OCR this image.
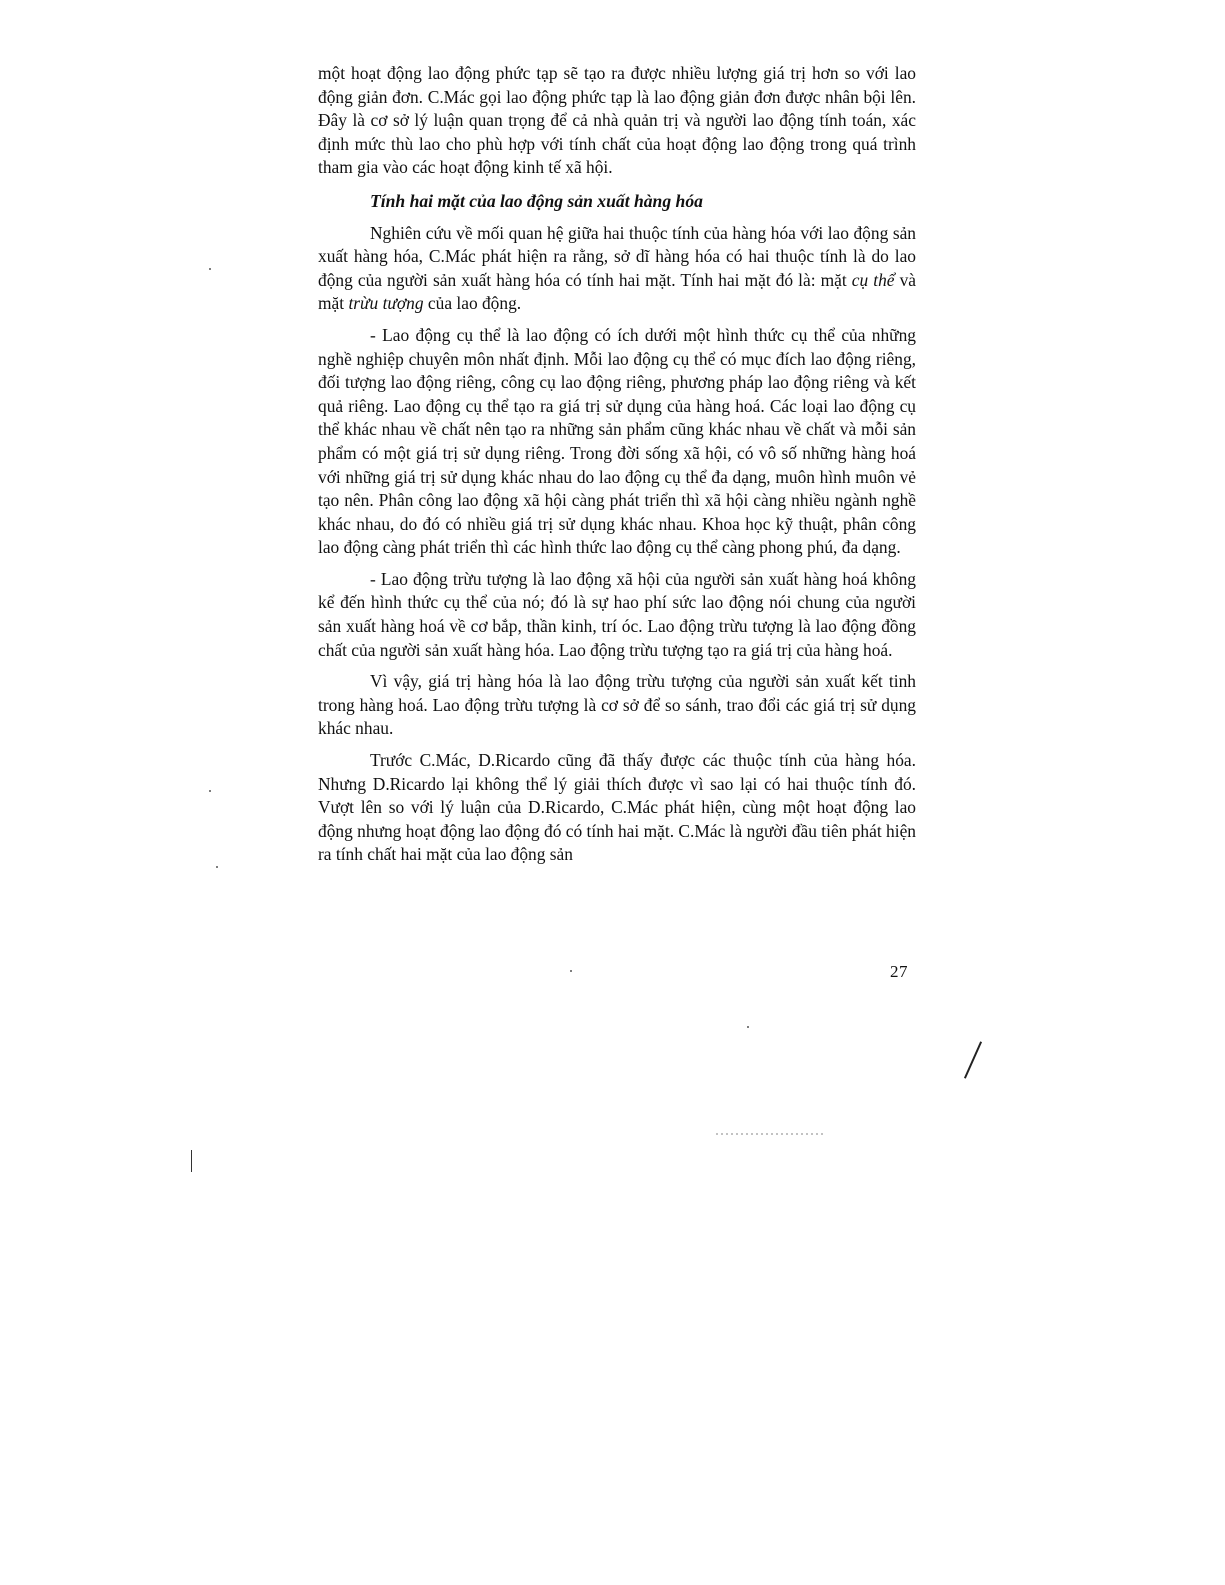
một hoạt động lao động phức tạp sẽ tạo ra được nhiều lượng giá trị hơn so với lao động giản đơn. C.Mác gọi lao động phức tạp là lao động giản đơn được nhân bội lên. Đây là cơ sở lý luận quan trọng để cả nhà quản trị và người lao động tính toán, xác định mức thù lao cho phù hợp với tính chất của hoạt động lao động trong quá trình tham gia vào các hoạt động kinh tế xã hội.

Tính hai mặt của lao động sản xuất hàng hóa

Nghiên cứu về mối quan hệ giữa hai thuộc tính của hàng hóa với lao động sản xuất hàng hóa, C.Mác phát hiện ra rằng, sở dĩ hàng hóa có hai thuộc tính là do lao động của người sản xuất hàng hóa có tính hai mặt. Tính hai mặt đó là: mặt cụ thể và mặt trừu tượng của lao động.

- Lao động cụ thể là lao động có ích dưới một hình thức cụ thể của những nghề nghiệp chuyên môn nhất định. Mỗi lao động cụ thể có mục đích lao động riêng, đối tượng lao động riêng, công cụ lao động riêng, phương pháp lao động riêng và kết quả riêng. Lao động cụ thể tạo ra giá trị sử dụng của hàng hoá. Các loại lao động cụ thể khác nhau về chất nên tạo ra những sản phẩm cũng khác nhau về chất và mỗi sản phẩm có một giá trị sử dụng riêng. Trong đời sống xã hội, có vô số những hàng hoá với những giá trị sử dụng khác nhau do lao động cụ thể đa dạng, muôn hình muôn vẻ tạo nên. Phân công lao động xã hội càng phát triển thì xã hội càng nhiều ngành nghề khác nhau, do đó có nhiều giá trị sử dụng khác nhau. Khoa học kỹ thuật, phân công lao động càng phát triển thì các hình thức lao động cụ thể càng phong phú, đa dạng.

- Lao động trừu tượng là lao động xã hội của người sản xuất hàng hoá không kể đến hình thức cụ thể của nó; đó là sự hao phí sức lao động nói chung của người sản xuất hàng hoá về cơ bắp, thần kinh, trí óc. Lao động trừu tượng là lao động đồng chất của người sản xuất hàng hóa. Lao động trừu tượng tạo ra giá trị của hàng hoá.

Vì vậy, giá trị hàng hóa là lao động trừu tượng của người sản xuất kết tinh trong hàng hoá. Lao động trừu tượng là cơ sở để so sánh, trao đổi các giá trị sử dụng khác nhau.

Trước C.Mác, D.Ricardo cũng đã thấy được các thuộc tính của hàng hóa. Nhưng D.Ricardo lại không thể lý giải thích được vì sao lại có hai thuộc tính đó. Vượt lên so với lý luận của D.Ricardo, C.Mác phát hiện, cùng một hoạt động lao động nhưng hoạt động lao động đó có tính hai mặt. C.Mác là người đầu tiên phát hiện ra tính chất hai mặt của lao động sản

27
